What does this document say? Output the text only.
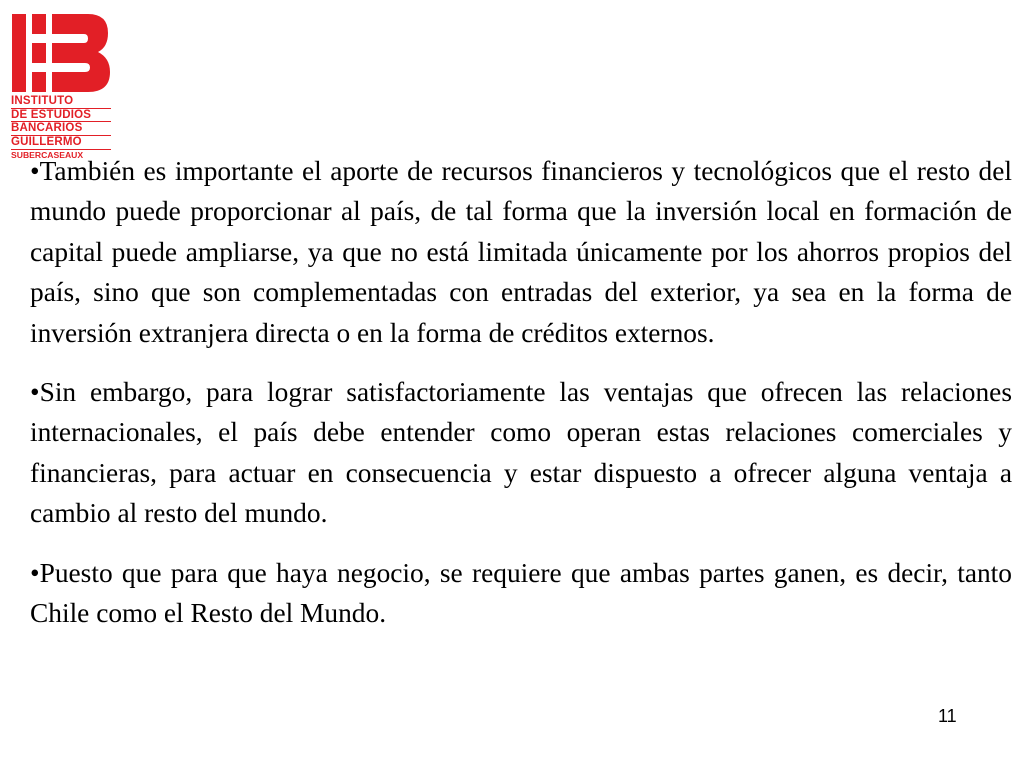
INSTITUTO
DE ESTUDIOS
BANCARIOS
GUILLERMO
SUBERCASEAUX

•También es importante el aporte de recursos financieros y tecnológicos que el resto del mundo puede proporcionar al país, de tal forma que la inversión local en formación de capital puede ampliarse, ya que no está limitada únicamente por los ahorros propios del país, sino que son complementadas con entradas del exterior, ya sea en la forma de inversión extranjera directa o en la forma de créditos externos.

•Sin embargo, para lograr satisfactoriamente las ventajas que ofrecen las relaciones internacionales, el país debe entender como operan estas relaciones comerciales y financieras, para actuar en consecuencia y estar dispuesto a ofrecer alguna ventaja a cambio al resto del mundo.

•Puesto que para que haya negocio, se requiere que ambas partes ganen, es decir, tanto Chile como el Resto del Mundo.

11
